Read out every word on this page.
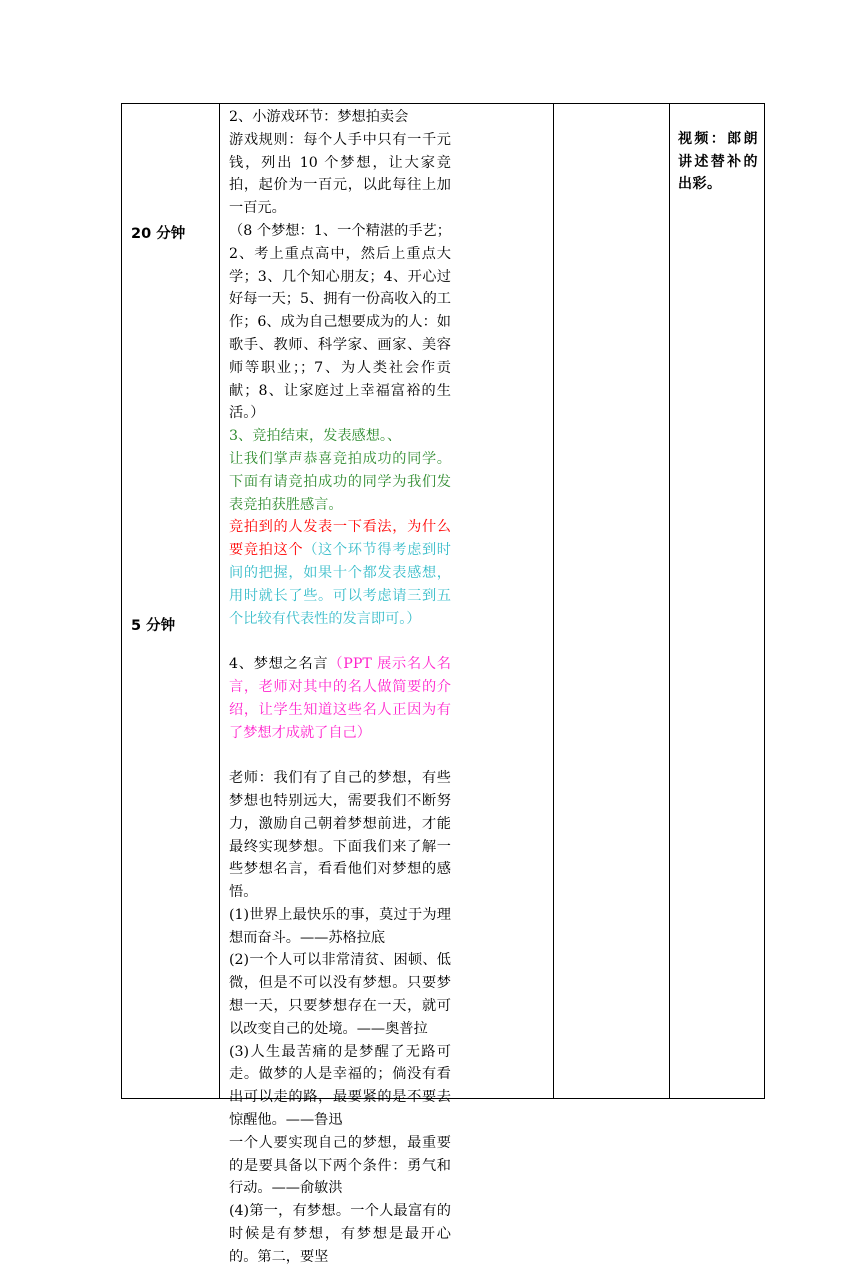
20 分钟
5 分钟

2、小游戏环节：梦想拍卖会

游戏规则：每个人手中只有一千元钱，列出 10 个梦想，让大家竞拍，起价为一百元，以此每往上加一百元。

（8 个梦想：1、一个精湛的手艺；2、考上重点高中，然后上重点大学；3、几个知心朋友；4、开心过好每一天；5、拥有一份高收入的工作；6、成为自己想要成为的人：如歌手、教师、科学家、画家、美容师等职业；；7、为人类社会作贡献；8、让家庭过上幸福富裕的生活。）

3、竞拍结束，发表感想。、

让我们掌声恭喜竞拍成功的同学。下面有请竞拍成功的同学为我们发表竞拍获胜感言。

竞拍到的人发表一下看法，为什么要竞拍这个（这个环节得考虑到时间的把握，如果十个都发表感想，用时就长了些。可以考虑请三到五个比较有代表性的发言即可。）

4、梦想之名言（PPT 展示名人名言，老师对其中的名人做简要的介绍，让学生知道这些名人正因为有了梦想才成就了自己）

老师：我们有了自己的梦想，有些梦想也特别远大，需要我们不断努力，激励自己朝着梦想前进，才能最终实现梦想。下面我们来了解一些梦想名言，看看他们对梦想的感悟。

(1)世界上最快乐的事，莫过于为理想而奋斗。——苏格拉底

(2)一个人可以非常清贫、困顿、低微，但是不可以没有梦想。只要梦想一天，只要梦想存在一天，就可以改变自己的处境。——奥普拉

(3)人生最苦痛的是梦醒了无路可走。做梦的人是幸福的；倘没有看出可以走的路，最要紧的是不要去惊醒他。——鲁迅

一个人要实现自己的梦想，最重要的是要具备以下两个条件：勇气和行动。——俞敏洪

(4)第一，有梦想。一个人最富有的时候是有梦想，有梦想是最开心的。第二，要坚

视频：郎朗讲述替补的出彩。
